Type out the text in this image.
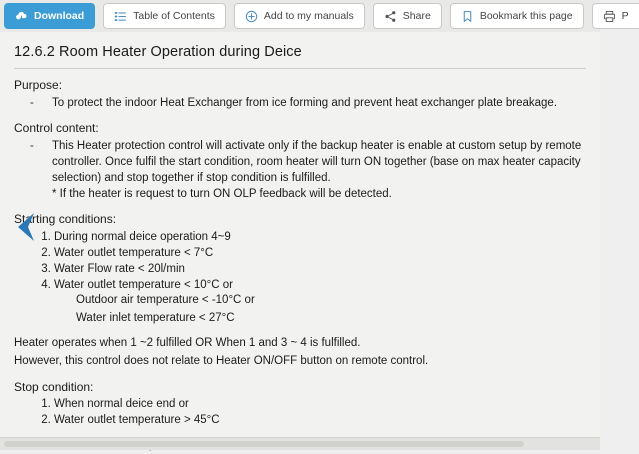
Download	Table of Contents	Add to my manuals	Share	Bookmark this page	P
12.6.2 Room Heater Operation during Deice
Purpose:
-	To protect the indoor Heat Exchanger from ice forming and prevent heat exchanger plate breakage.
Control content:
-	This Heater protection control will activate only if the backup heater is enable at custom setup by remote controller. Once fulfil the start condition, room heater will turn ON together (base on max heater capacity selection) and stop together if stop condition is fulfilled.
* If the heater is request to turn ON OLP feedback will be detected.
Starting conditions:
1. During normal deice operation 4~9
2. Water outlet temperature < 7°C
3. Water Flow rate < 20l/min
4. Water outlet temperature < 10°C or
Outdoor air temperature < -10°C or
Water inlet temperature < 27°C
Heater operates when 1 ~2 fulfilled OR When 1 and 3 ~ 4 is fulfilled.
However, this control does not relate to Heater ON/OFF button on remote control.
Stop condition:
1. When normal deice end or
2. Water outlet temperature > 45°C
